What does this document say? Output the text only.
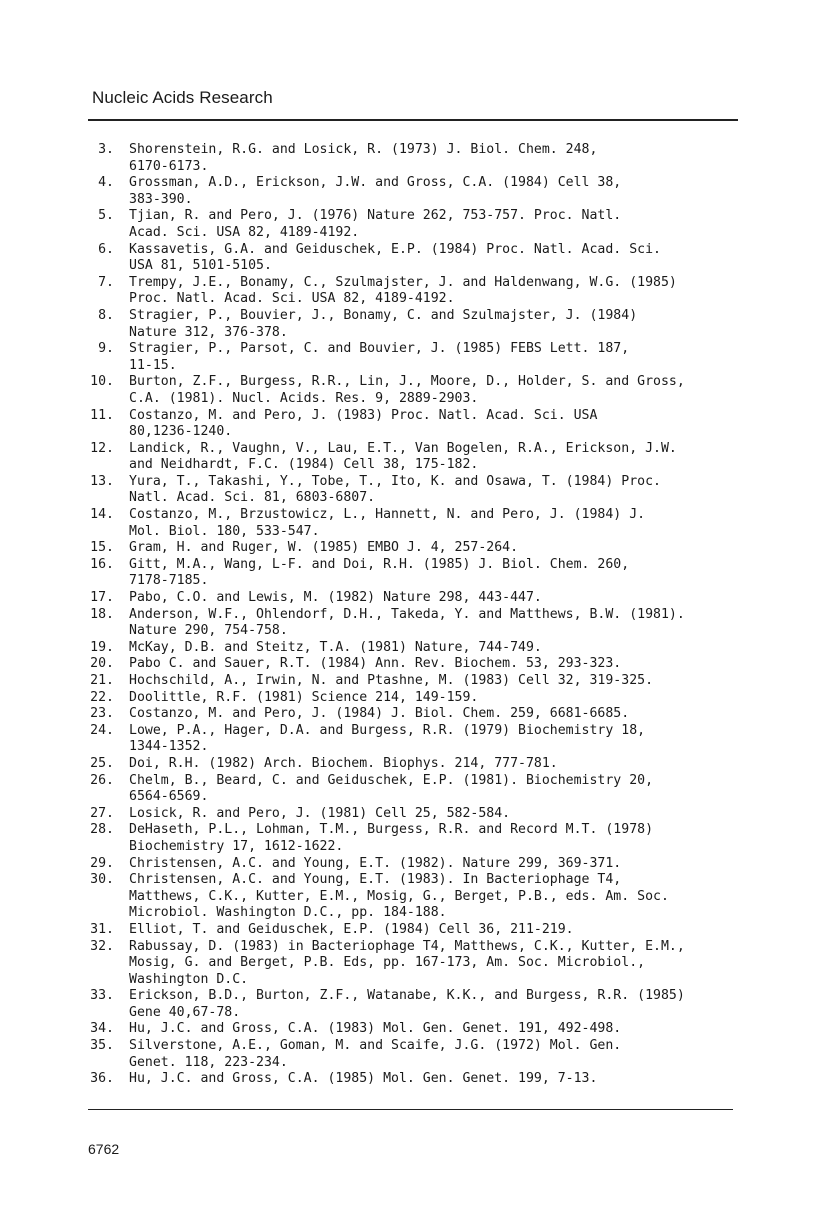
Nucleic Acids Research
3. Shorenstein, R.G. and Losick, R. (1973) J. Biol. Chem. 248,
6170-6173.
4. Grossman, A.D., Erickson, J.W. and Gross, C.A. (1984) Cell 38,
383-390.
5. Tjian, R. and Pero, J. (1976) Nature 262, 753-757. Proc. Natl.
Acad. Sci. USA 82, 4189-4192.
6. Kassavetis, G.A. and Geiduschek, E.P. (1984) Proc. Natl. Acad. Sci.
USA 81, 5101-5105.
7. Trempy, J.E., Bonamy, C., Szulmajster, J. and Haldenwang, W.G. (1985)
Proc. Natl. Acad. Sci. USA 82, 4189-4192.
8. Stragier, P., Bouvier, J., Bonamy, C. and Szulmajster, J. (1984)
Nature 312, 376-378.
9. Stragier, P., Parsot, C. and Bouvier, J. (1985) FEBS Lett. 187,
11-15.
10. Burton, Z.F., Burgess, R.R., Lin, J., Moore, D., Holder, S. and Gross,
C.A. (1981). Nucl. Acids. Res. 9, 2889-2903.
11. Costanzo, M. and Pero, J. (1983) Proc. Natl. Acad. Sci. USA
80,1236-1240.
12. Landick, R., Vaughn, V., Lau, E.T., Van Bogelen, R.A., Erickson, J.W.
and Neidhardt, F.C. (1984) Cell 38, 175-182.
13. Yura, T., Takashi, Y., Tobe, T., Ito, K. and Osawa, T. (1984) Proc.
Natl. Acad. Sci. 81, 6803-6807.
14. Costanzo, M., Brzustowicz, L., Hannett, N. and Pero, J. (1984) J.
Mol. Biol. 180, 533-547.
15. Gram, H. and Ruger, W. (1985) EMBO J. 4, 257-264.
16. Gitt, M.A., Wang, L-F. and Doi, R.H. (1985) J. Biol. Chem. 260,
7178-7185.
17. Pabo, C.O. and Lewis, M. (1982) Nature 298, 443-447.
18. Anderson, W.F., Ohlendorf, D.H., Takeda, Y. and Matthews, B.W. (1981).
Nature 290, 754-758.
19. McKay, D.B. and Steitz, T.A. (1981) Nature, 744-749.
20. Pabo C. and Sauer, R.T. (1984) Ann. Rev. Biochem. 53, 293-323.
21. Hochschild, A., Irwin, N. and Ptashne, M. (1983) Cell 32, 319-325.
22. Doolittle, R.F. (1981) Science 214, 149-159.
23. Costanzo, M. and Pero, J. (1984) J. Biol. Chem. 259, 6681-6685.
24. Lowe, P.A., Hager, D.A. and Burgess, R.R. (1979) Biochemistry 18,
1344-1352.
25. Doi, R.H. (1982) Arch. Biochem. Biophys. 214, 777-781.
26. Chelm, B., Beard, C. and Geiduschek, E.P. (1981). Biochemistry 20,
6564-6569.
27. Losick, R. and Pero, J. (1981) Cell 25, 582-584.
28. DeHaseth, P.L., Lohman, T.M., Burgess, R.R. and Record M.T. (1978)
Biochemistry 17, 1612-1622.
29. Christensen, A.C. and Young, E.T. (1982). Nature 299, 369-371.
30. Christensen, A.C. and Young, E.T. (1983). In Bacteriophage T4,
Matthews, C.K., Kutter, E.M., Mosig, G., Berget, P.B., eds. Am. Soc.
Microbiol. Washington D.C., pp. 184-188.
31. Elliot, T. and Geiduschek, E.P. (1984) Cell 36, 211-219.
32. Rabussay, D. (1983) in Bacteriophage T4, Matthews, C.K., Kutter, E.M.,
Mosig, G. and Berget, P.B. Eds, pp. 167-173, Am. Soc. Microbiol.,
Washington D.C.
33. Erickson, B.D., Burton, Z.F., Watanabe, K.K., and Burgess, R.R. (1985)
Gene 40,67-78.
34. Hu, J.C. and Gross, C.A. (1983) Mol. Gen. Genet. 191, 492-498.
35. Silverstone, A.E., Goman, M. and Scaife, J.G. (1972) Mol. Gen.
Genet. 118, 223-234.
36. Hu, J.C. and Gross, C.A. (1985) Mol. Gen. Genet. 199, 7-13.
6762
